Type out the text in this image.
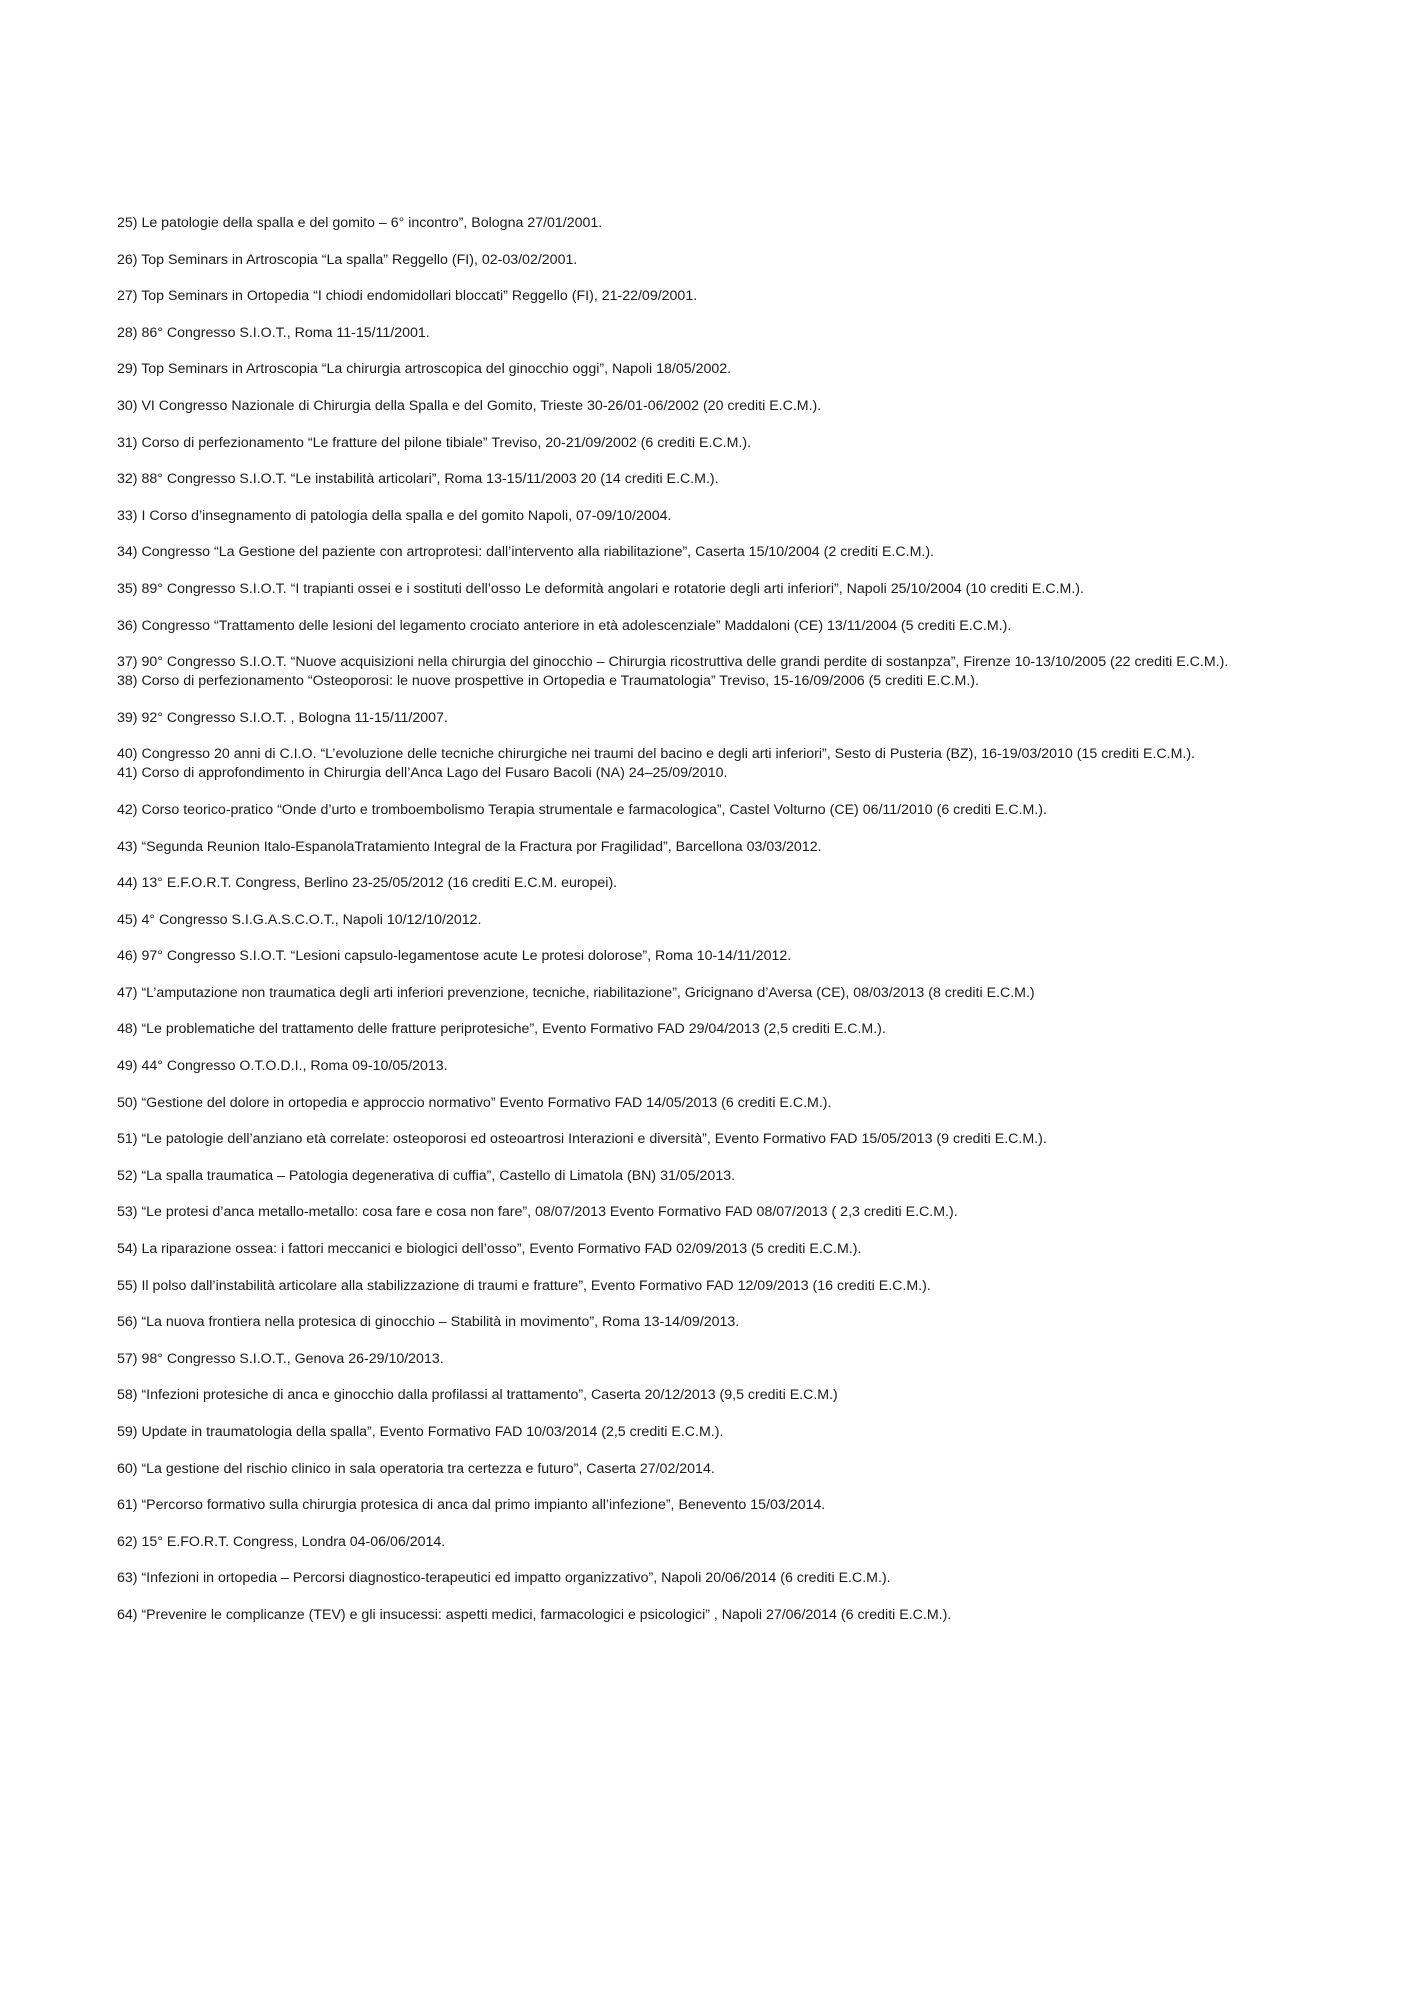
25) Le patologie della spalla e del gomito – 6° incontro”, Bologna 27/01/2001.
26) Top Seminars in Artroscopia “La spalla” Reggello (FI), 02-03/02/2001.
27) Top Seminars in Ortopedia “I chiodi endomidollari bloccati” Reggello (FI), 21-22/09/2001.
28) 86° Congresso S.I.O.T., Roma 11-15/11/2001.
29) Top Seminars in Artroscopia “La chirurgia artroscopica del ginocchio oggi”, Napoli 18/05/2002.
30) VI Congresso Nazionale di Chirurgia della Spalla e del Gomito, Trieste 30-26/01-06/2002 (20 crediti E.C.M.).
31) Corso di perfezionamento “Le fratture del pilone tibiale” Treviso, 20-21/09/2002 (6 crediti E.C.M.).
32) 88° Congresso S.I.O.T. “Le instabilità articolari”, Roma 13-15/11/2003 20 (14 crediti E.C.M.).
33) I Corso d’insegnamento di patologia della spalla e del gomito Napoli, 07-09/10/2004.
34) Congresso “La Gestione del paziente con artroprotesi: dall’intervento alla riabilitazione”, Caserta 15/10/2004 (2 crediti E.C.M.).
35) 89° Congresso S.I.O.T. “I trapianti ossei e i sostituti dell’osso Le deformità angolari e rotatorie degli arti inferiori”, Napoli 25/10/2004 (10 crediti E.C.M.).
36) Congresso “Trattamento delle lesioni del legamento crociato anteriore in età adolescenziale” Maddaloni (CE) 13/11/2004 (5 crediti E.C.M.).
37) 90° Congresso S.I.O.T. “Nuove acquisizioni nella chirurgia del ginocchio – Chirurgia ricostruttiva delle grandi perdite di sostanpza”, Firenze 10-13/10/2005 (22 crediti E.C.M.).
38) Corso di perfezionamento “Osteoporosi: le nuove prospettive in Ortopedia e Traumatologia” Treviso, 15-16/09/2006 (5 crediti E.C.M.).
39) 92° Congresso S.I.O.T. , Bologna 11-15/11/2007.
40) Congresso 20 anni di C.I.O. “L’evoluzione delle tecniche chirurgiche nei traumi del bacino e degli arti inferiori”, Sesto di Pusteria (BZ), 16-19/03/2010 (15 crediti E.C.M.).
41) Corso di approfondimento in Chirurgia dell’Anca Lago del Fusaro Bacoli (NA) 24–25/09/2010.
42) Corso teorico-pratico “Onde d’urto e tromboembolismo Terapia strumentale e farmacologica”, Castel Volturno (CE) 06/11/2010 (6 crediti E.C.M.).
43) “Segunda Reunion Italo-EspanolaTratamiento Integral de la Fractura por Fragilidad”, Barcellona 03/03/2012.
44) 13° E.F.O.R.T. Congress, Berlino 23-25/05/2012 (16 crediti E.C.M. europei).
45) 4° Congresso S.I.G.A.S.C.O.T., Napoli 10/12/10/2012.
46) 97° Congresso S.I.O.T. “Lesioni capsulo-legamentose acute Le protesi dolorose”, Roma 10-14/11/2012.
47) “L’amputazione non traumatica degli arti inferiori prevenzione, tecniche, riabilitazione”, Gricignano d’Aversa (CE), 08/03/2013 (8 crediti E.C.M.)
48) “Le problematiche del trattamento delle fratture periprotesiche”, Evento Formativo FAD 29/04/2013 (2,5 crediti E.C.M.).
49) 44° Congresso O.T.O.D.I., Roma 09-10/05/2013.
50) “Gestione del dolore in ortopedia e approccio normativo” Evento Formativo FAD 14/05/2013 (6 crediti E.C.M.).
51) “Le patologie dell’anziano età correlate: osteoporosi ed osteoartrosi Interazioni e diversità”, Evento Formativo FAD 15/05/2013 (9 crediti E.C.M.).
52) “La spalla traumatica – Patologia degenerativa di cuffia”, Castello di Limatola (BN) 31/05/2013.
53) “Le protesi d’anca metallo-metallo: cosa fare e cosa non fare”, 08/07/2013 Evento Formativo FAD 08/07/2013 ( 2,3 crediti E.C.M.).
54) La riparazione ossea: i fattori meccanici e biologici dell’osso”, Evento Formativo FAD 02/09/2013 (5 crediti E.C.M.).
55) Il polso dall’instabilità articolare alla stabilizzazione di traumi e fratture”, Evento Formativo FAD 12/09/2013 (16 crediti E.C.M.).
56) “La nuova frontiera nella protesica di ginocchio – Stabilità in movimento”, Roma 13-14/09/2013.
57) 98° Congresso S.I.O.T., Genova 26-29/10/2013.
58) “Infezioni protesiche di anca e ginocchio dalla profilassi al trattamento”, Caserta 20/12/2013 (9,5 crediti E.C.M.)
59) Update in traumatologia della spalla”, Evento Formativo FAD 10/03/2014 (2,5 crediti E.C.M.).
60) “La gestione del rischio clinico in sala operatoria tra certezza e futuro”, Caserta 27/02/2014.
61) “Percorso formativo sulla chirurgia protesica di anca dal primo impianto all’infezione”, Benevento 15/03/2014.
62) 15° E.FO.R.T. Congress, Londra 04-06/06/2014.
63) “Infezioni in ortopedia – Percorsi diagnostico-terapeutici ed impatto organizzativo”, Napoli 20/06/2014 (6 crediti E.C.M.).
64) “Prevenire le complicanze (TEV) e gli insucessi: aspetti medici, farmacologici e psicologici” , Napoli 27/06/2014 (6 crediti E.C.M.).
